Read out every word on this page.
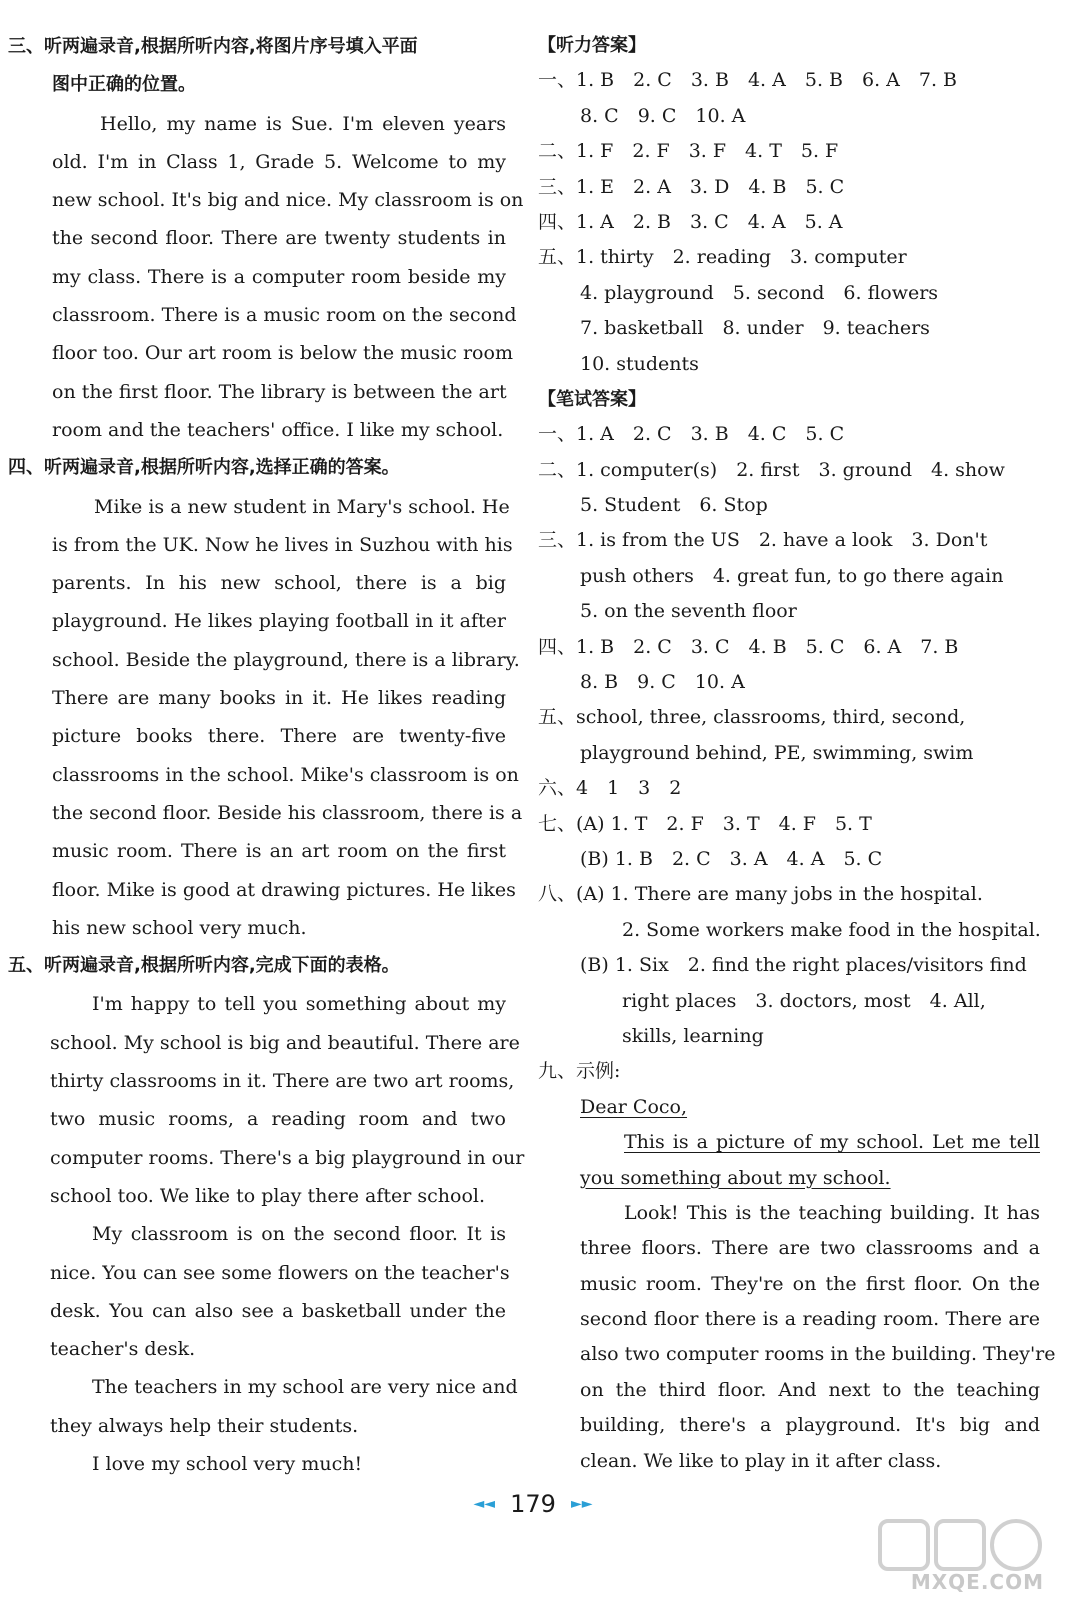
三、听两遍录音,根据所听内容,将图片序号填入平面
图中正确的位置。
Hello, my name is Sue. I'm eleven years
old. I'm in Class 1, Grade 5. Welcome to my
new school. It's big and nice. My classroom is on
the second floor. There are twenty students in
my class. There is a computer room beside my
classroom. There is a music room on the second
floor too. Our art room is below the music room
on the first floor. The library is between the art
room and the teachers' office. I like my school.
四、听两遍录音,根据所听内容,选择正确的答案。
Mike is a new student in Mary's school. He
is from the UK. Now he lives in Suzhou with his
parents. In his new school, there is a big
playground. He likes playing football in it after
school. Beside the playground, there is a library.
There are many books in it. He likes reading
picture books there. There are twenty-five
classrooms in the school. Mike's classroom is on
the second floor. Beside his classroom, there is a
music room. There is an art room on the first
floor. Mike is good at drawing pictures. He likes
his new school very much.
五、听两遍录音,根据所听内容,完成下面的表格。
I'm happy to tell you something about my
school. My school is big and beautiful. There are
thirty classrooms in it. There are two art rooms,
two music rooms, a reading room and two
computer rooms. There's a big playground in our
school too. We like to play there after school.
My classroom is on the second floor. It is
nice. You can see some flowers on the teacher's
desk. You can also see a basketball under the
teacher's desk.
The teachers in my school are very nice and
they always help their students.
I love my school very much!
【听力答案】
一、1. B　2. C　3. B　4. A　5. B　6. A　7. B
8. C　9. C　10. A
二、1. F　2. F　3. F　4. T　5. F
三、1. E　2. A　3. D　4. B　5. C
四、1. A　2. B　3. C　4. A　5. A
五、1. thirty　2. reading　3. computer
4. playground　5. second　6. flowers
7. basketball　8. under　9. teachers
10. students
【笔试答案】
一、1. A　2. C　3. B　4. C　5. C
二、1. computer(s)　2. first　3. ground　4. show
5. Student　6. Stop
三、1. is from the US　2. have a look　3. Don't
push others　4. great fun, to go there again
5. on the seventh floor
四、1. B　2. C　3. C　4. B　5. C　6. A　7. B
8. B　9. C　10. A
五、school, three, classrooms, third, second,
playground behind, PE, swimming, swim
六、4　1　3　2
七、(A) 1. T　2. F　3. T　4. F　5. T
(B) 1. B　2. C　3. A　4. A　5. C
八、(A) 1. There are many jobs in the hospital.
2. Some workers make food in the hospital.
(B) 1. Six　2. find the right places/visitors find
right places　3. doctors, most　4. All,
skills, learning
九、示例:
Dear Coco,
This is a picture of my school. Let me tell
you something about my school.
Look! This is the teaching building. It has
three floors. There are two classrooms and a
music room. They're on the first floor. On the
second floor there is a reading room. There are
also two computer rooms in the building. They're
on the third floor. And next to the teaching
building, there's a playground. It's big and
clean. We like to play in it after class.
◄◄ 179 ►►
MXQE.COM
